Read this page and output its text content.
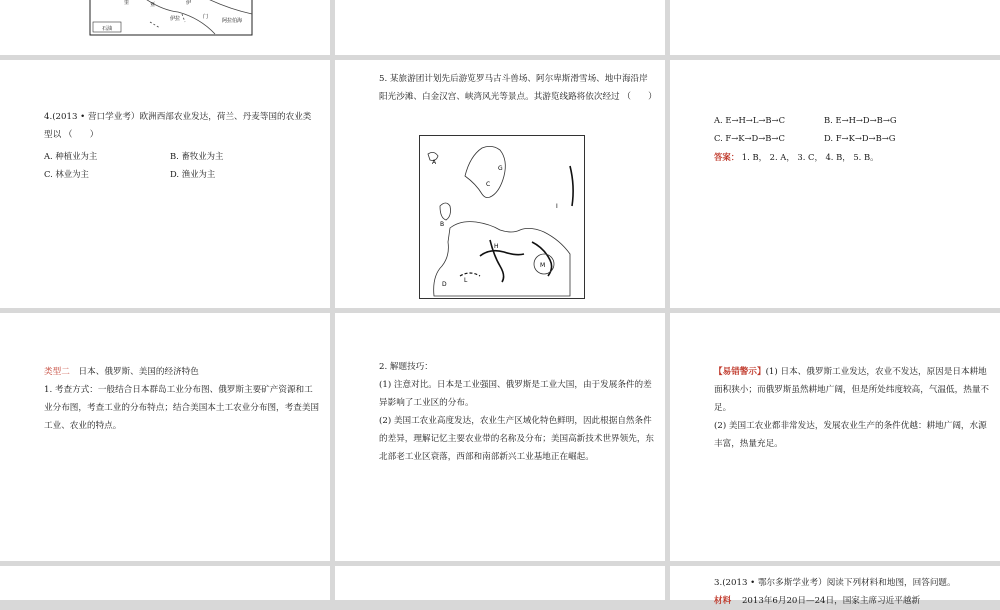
石油
伊拉	门
阿拉伯海
亚	伊
里
4.(2013 • 营口学业考）欧洲西部农业发达，荷兰、丹麦等国的农业类型以 （　　）
A. 种植业为主	B. 畜牧业为主
C. 林业为主	D. 渔业为主
5. 某旅游团计划先后游览罗马古斗兽场、阿尔卑斯滑雪场、地中海沿岸阳光沙滩、白金汉宫、峡湾风光等景点。其游览线路将依次经过 （　　）
A
B
C
G
I
H
D
L
M
A. E→H→L→B→C	B. E→H→D→B→G
C. F→K→D→B→C	D. F→K→D→B→G
答案： 1. B， 2. A， 3. C， 4. B， 5. B。
类型二 日本、俄罗斯、美国的经济特色
1. 考查方式：一般结合日本群岛工业分布图、俄罗斯主要矿产资源和工业分布图，考查工业的分布特点；结合美国本土工农业分布图，考查美国工业、农业的特点。
2. 解题技巧：
(1) 注意对比。日本是工业强国、俄罗斯是工业大国，由于发展条件的差异影响了工业区的分布。
(2) 美国工农业高度发达，农业生产区域化特色鲜明，因此根据自然条件的差异，理解记忆主要农业带的名称及分布；美国高新技术世界领先，东北部老工业区衰落，西部和南部新兴工业基地正在崛起。
【易错警示】(1) 日本、俄罗斯工业发达，农业不发达，原因是日本耕地面积狭小；而俄罗斯虽然耕地广阔，但是所处纬度较高，气温低，热量不足。
(2) 美国工农业都非常发达，发展农业生产的条件优越：耕地广阔，水源丰富，热量充足。
3.(2013 • 鄂尔多斯学业考）阅读下列材料和地图，回答问题。
材料 2013年6月20日—24日，国家主席习近平越新
